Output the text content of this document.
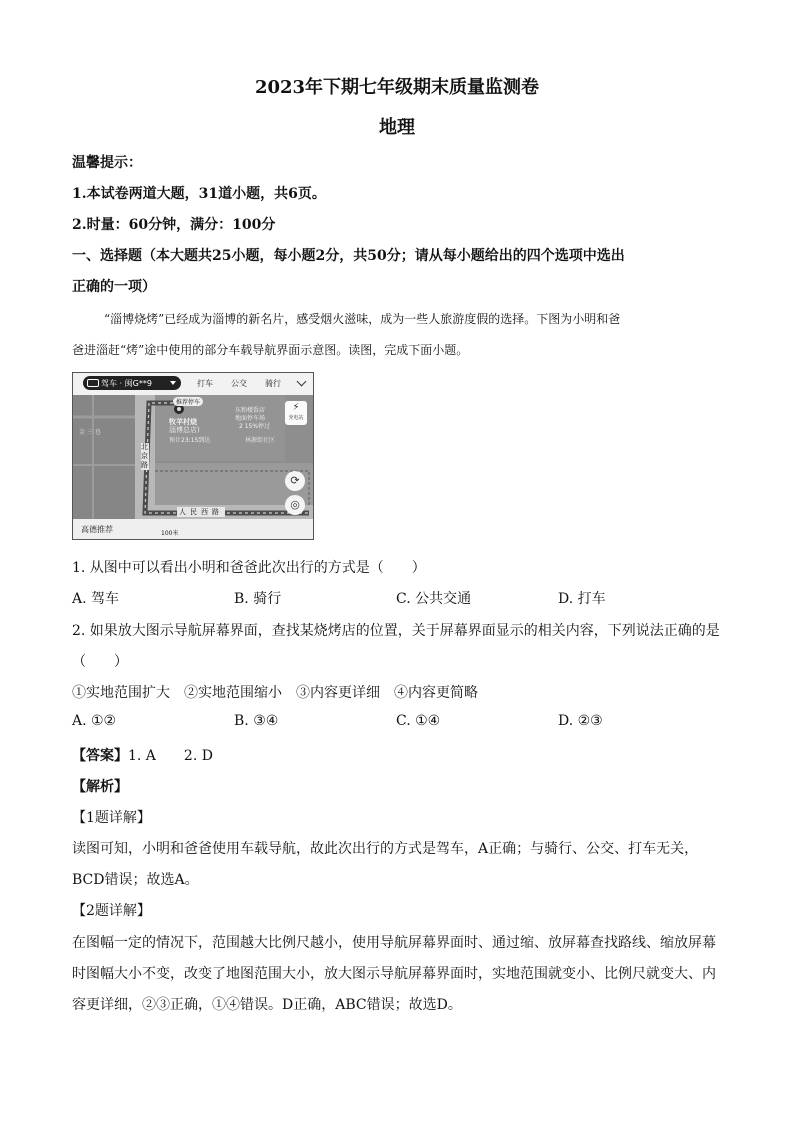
2023年下期七年级期末质量监测卷
地理
温馨提示：
1.本试卷两道大题，31道小题，共6页。
2.时量：60分钟，满分：100分
一、选择题（本大题共25小题，每小题2分，共50分；请从每小题给出的四个选项中选出
正确的一项）
“淄博烧烤”已经成为淄博的新名片，感受烟火滋味，成为一些人旅游度假的选择。下图为小明和爸
爸进淄赶“烤”途中使用的部分车载导航界面示意图。读图，完成下面小题。
驾车 · 闽G**9	打车 公交 骑行
推荐停车
牧羊村烧
淄博总店)
预计23:15到达
东和楼饭店
地面停车场
2 15%停过
林源街社区
金 三 巷
北京路
人民西路
⚡
充电站
⟳
◎
高德推荐	100米
1. 从图中可以看出小明和爸爸此次出行的方式是（　　）
A. 驾车	B. 骑行	C. 公共交通	D. 打车
2. 如果放大图示导航屏幕界面，查找某烧烤店的位置，关于屏幕界面显示的相关内容，下列说法正确的是
（　　）
①实地范围扩大　②实地范围缩小　③内容更详细　④内容更简略
A. ①②	B. ③④	C. ①④	D. ②③
【答案】1. A　　2. D
【解析】
【1题详解】
读图可知，小明和爸爸使用车载导航，故此次出行的方式是驾车，A正确；与骑行、公交、打车无关，
BCD错误；故选A。
【2题详解】
在图幅一定的情况下，范围越大比例尺越小，使用导航屏幕界面时、通过缩、放屏幕查找路线、缩放屏幕
时图幅大小不变，改变了地图范围大小，放大图示导航屏幕界面时，实地范围就变小、比例尺就变大、内
容更详细，②③正确，①④错误。D正确，ABC错误；故选D。
